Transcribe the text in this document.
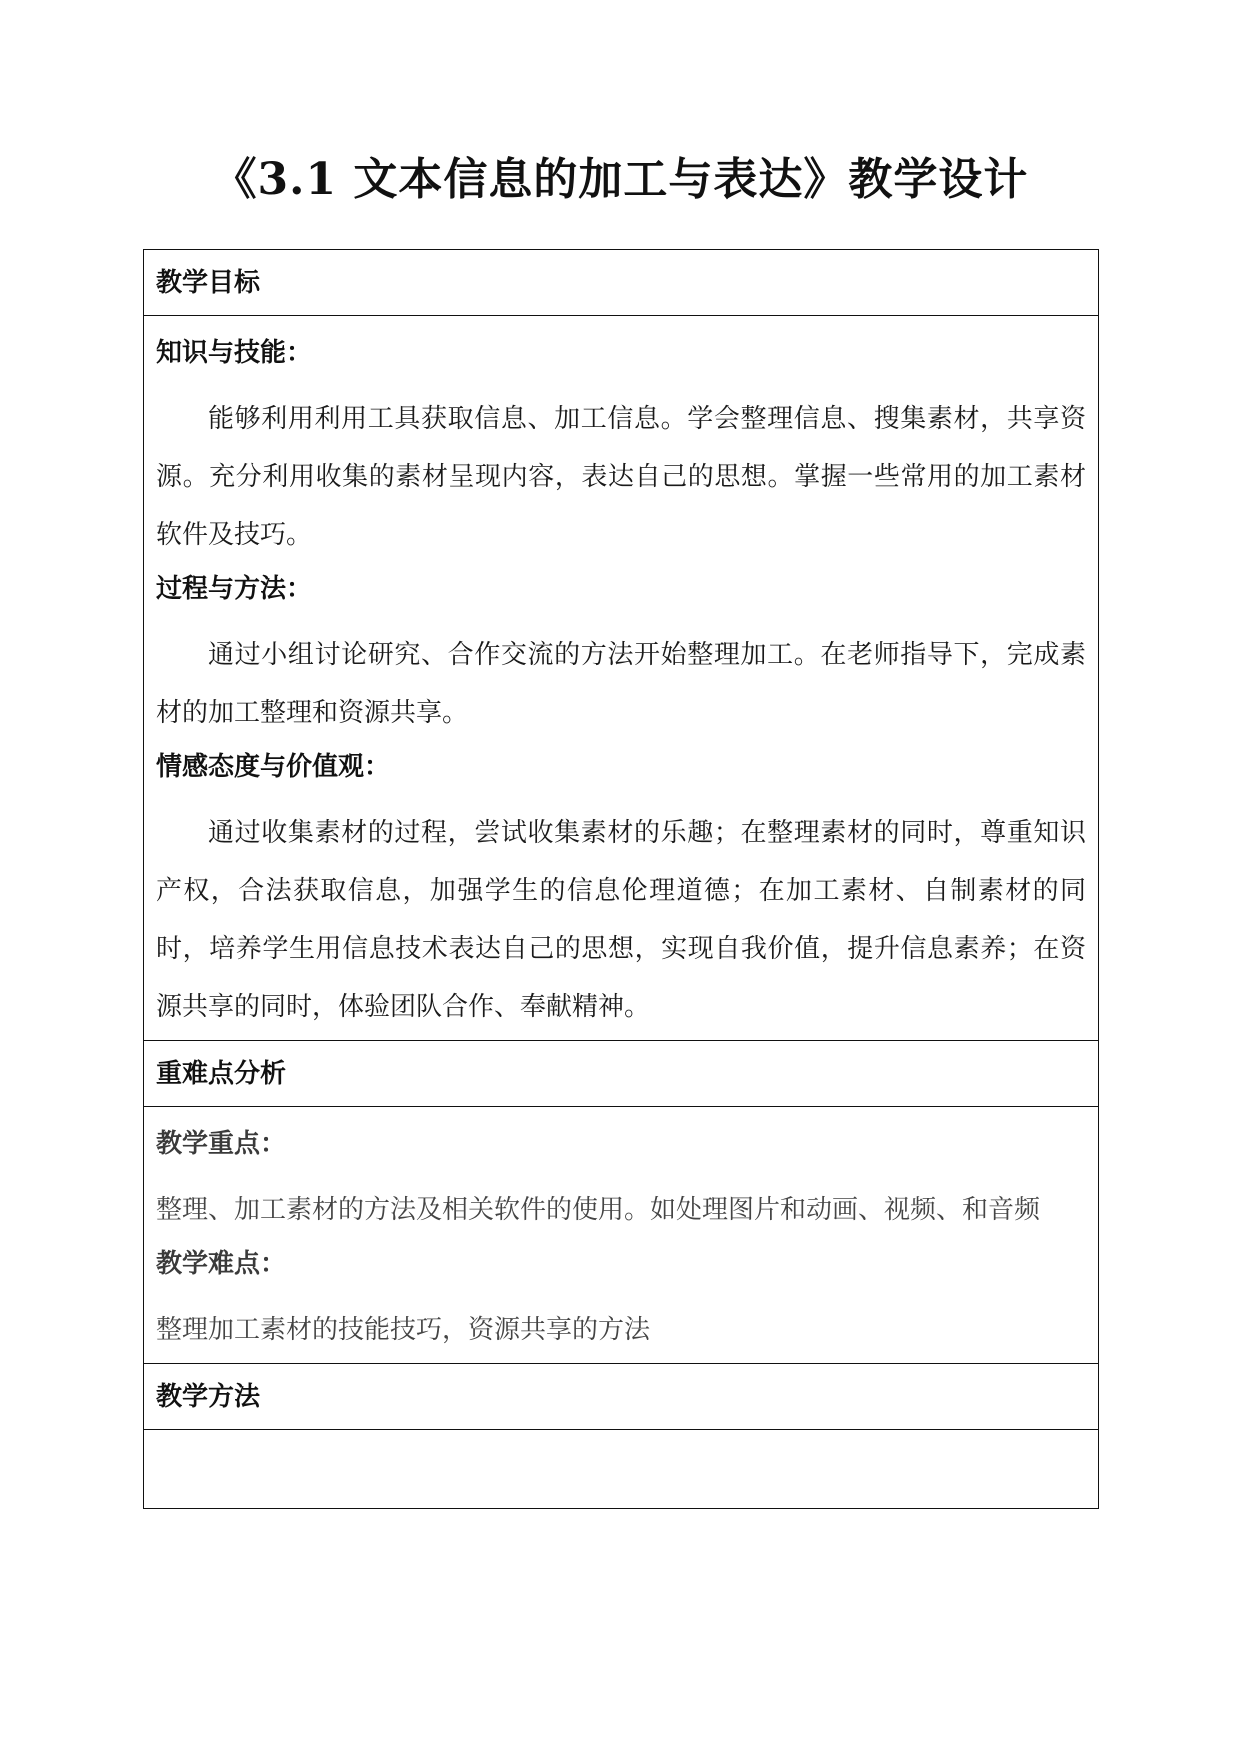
《3.1 文本信息的加工与表达》教学设计
教学目标

知识与技能：

能够利用利用工具获取信息、加工信息。学会整理信息、搜集素材，共享资源。充分利用收集的素材呈现内容，表达自己的思想。掌握一些常用的加工素材软件及技巧。

过程与方法：

通过小组讨论研究、合作交流的方法开始整理加工。在老师指导下，完成素材的加工整理和资源共享。

情感态度与价值观：

通过收集素材的过程，尝试收集素材的乐趣；在整理素材的同时，尊重知识产权，合法获取信息，加强学生的信息伦理道德；在加工素材、自制素材的同时，培养学生用信息技术表达自己的思想，实现自我价值，提升信息素养；在资源共享的同时，体验团队合作、奉献精神。

重难点分析

教学重点：

整理、加工素材的方法及相关软件的使用。如处理图片和动画、视频、和音频

教学难点：

整理加工素材的技能技巧，资源共享的方法

教学方法
